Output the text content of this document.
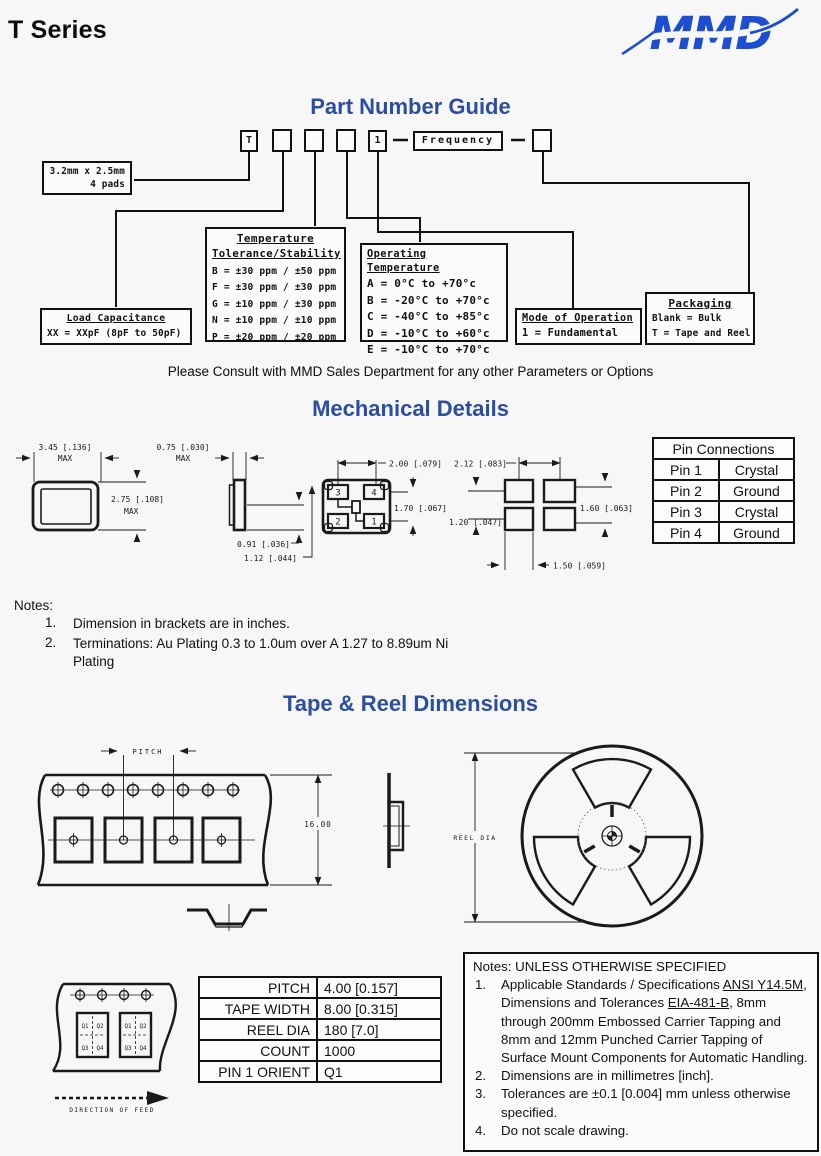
T Series	MMD
Part Number Guide
T	1	Frequency
3.2mm x 2.5mm
4 pads
Load Capacitance
XX = XXpF (8pF to 50pF)
Temperature
Tolerance/Stability
B = ±30 ppm / ±50 ppm
F = ±30 ppm / ±30 ppm
G = ±10 ppm / ±30 ppm
N = ±10 ppm / ±10 ppm
P = ±20 ppm / ±20 ppm
Operating Temperature
A = 0°C to +70°c
B = -20°C to +70°c
C = -40°C to +85°c
D = -10°C to +60°c
E = -10°C to +70°c
Mode of Operation
1 = Fundamental
Packaging
Blank = Bulk
T = Tape and Reel
Please Consult with MMD Sales Department for any other Parameters or Options
Mechanical Details
3.45 [.136]
MAX
2.75 [.108]
MAX
0.75 [.030]
MAX
0.91 [.036]
1.12 [.044]
3	4
2	1
2.00 [.079]
1.70 [.067]
2.12 [.083]
1.20 [.047]
1.60 [.063]
1.50 [.059]
Pin Connections	
Pin 1	Crystal
Pin 2	Ground
Pin 3	Crystal
Pin 4	Ground
Notes:
1.	Dimension in brackets are in inches.
2.	Terminations: Au Plating 0.3 to 1.0um over A 1.27 to 8.89um Ni
Plating
Tape & Reel Dimensions
PITCH
16.00
REEL DIA
Q1 Q2
Q3 Q4
Q1 Q2
Q3 Q4
DIRECTION OF FEED
PITCH	4.00 [0.157]
TAPE WIDTH	8.00 [0.315]
REEL DIA	180 [7.0]
COUNT	1000
PIN 1 ORIENT	Q1
Notes: UNLESS OTHERWISE SPECIFIED
1.	Applicable Standards / Specifications ANSI Y14.5M, Dimensions and Tolerances EIA-481-B, 8mm through 200mm Embossed Carrier Tapping and 8mm and 12mm Punched Carrier Tapping of Surface Mount Components for Automatic Handling.
2.	Dimensions are in millimetres [inch].
3.	Tolerances are ±0.1 [0.004] mm unless otherwise specified.
4.	Do not scale drawing.
